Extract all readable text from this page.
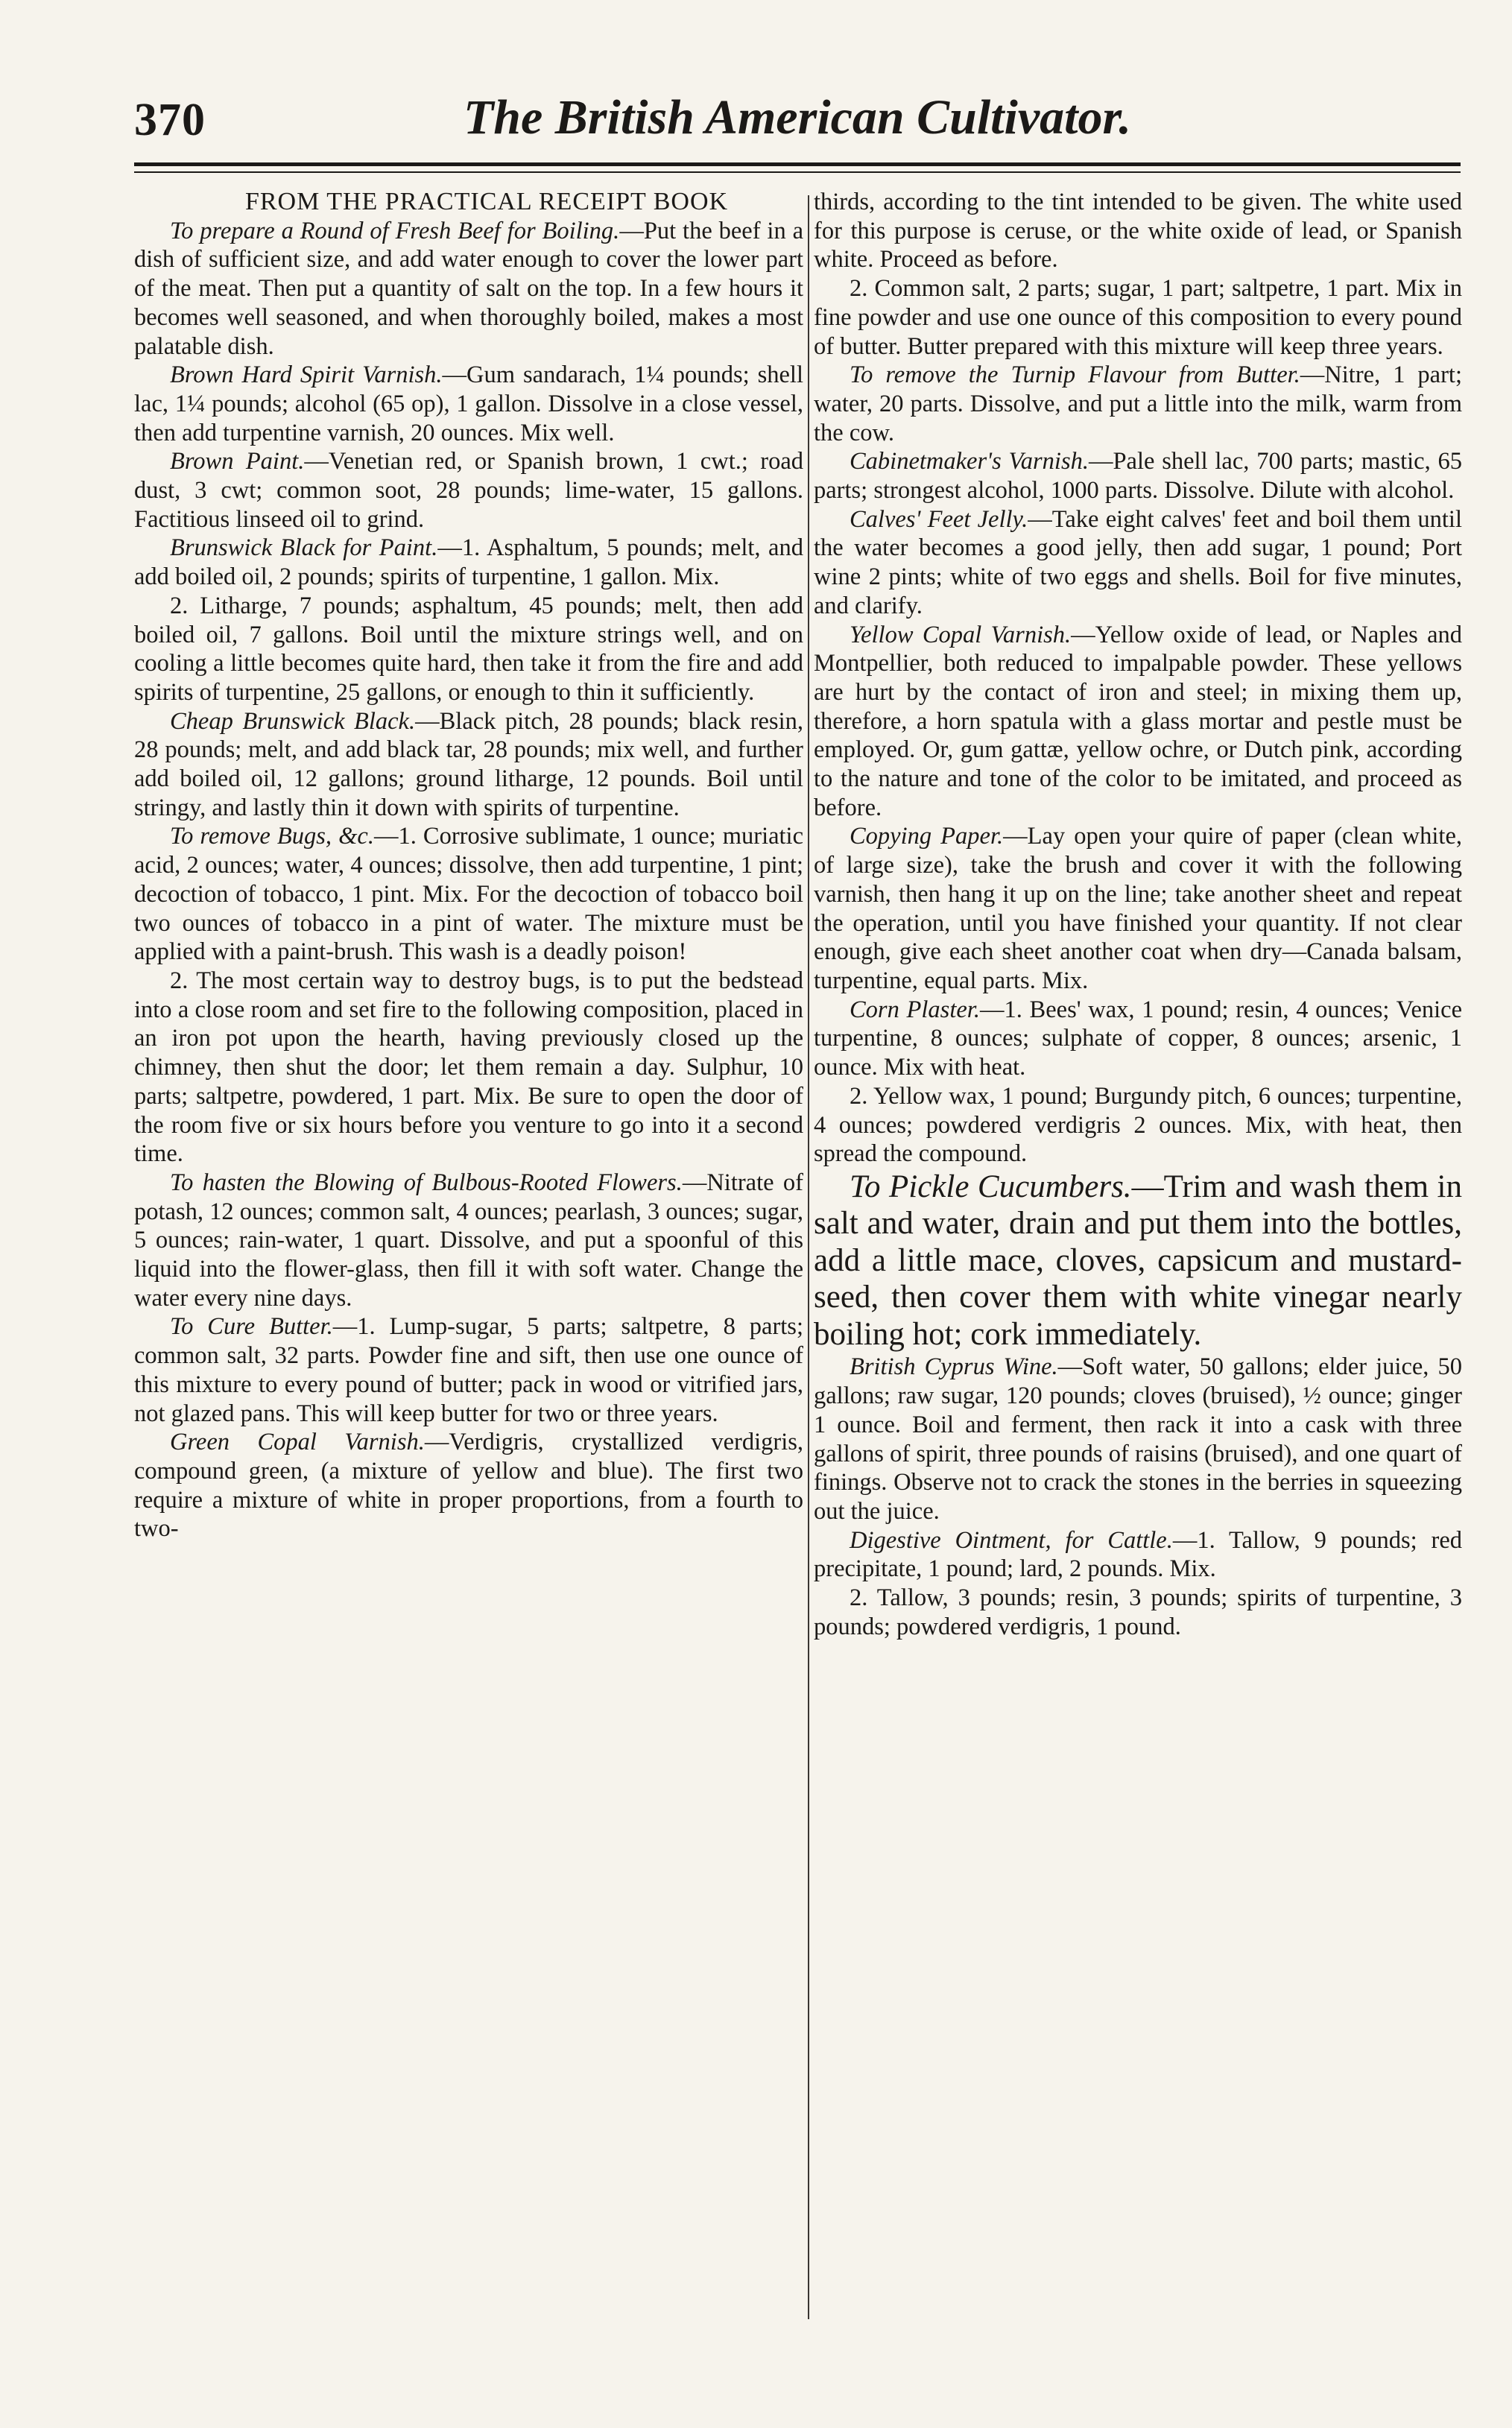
370	The British American Cultivator.

FROM THE PRACTICAL RECEIPT BOOK

To prepare a Round of Fresh Beef for Boiling.—Put the beef in a dish of sufficient size, and add water enough to cover the lower part of the meat. Then put a quantity of salt on the top. In a few hours it becomes well seasoned, and when thoroughly boiled, makes a most palatable dish.

Brown Hard Spirit Varnish.—Gum sandarach, 1¼ pounds; shell lac, 1¼ pounds; alcohol (65 op), 1 gallon. Dissolve in a close vessel, then add turpentine varnish, 20 ounces. Mix well.

Brown Paint.—Venetian red, or Spanish brown, 1 cwt.; road dust, 3 cwt; common soot, 28 pounds; lime-water, 15 gallons. Factitious linseed oil to grind.

Brunswick Black for Paint.—1. Asphaltum, 5 pounds; melt, and add boiled oil, 2 pounds; spirits of turpentine, 1 gallon. Mix.

2. Litharge, 7 pounds; asphaltum, 45 pounds; melt, then add boiled oil, 7 gallons. Boil until the mixture strings well, and on cooling a little becomes quite hard, then take it from the fire and add spirits of turpentine, 25 gallons, or enough to thin it sufficiently.

Cheap Brunswick Black.—Black pitch, 28 pounds; black resin, 28 pounds; melt, and add black tar, 28 pounds; mix well, and further add boiled oil, 12 gallons; ground litharge, 12 pounds. Boil until stringy, and lastly thin it down with spirits of turpentine.

To remove Bugs, &c.—1. Corrosive sublimate, 1 ounce; muriatic acid, 2 ounces; water, 4 ounces; dissolve, then add turpentine, 1 pint; decoction of tobacco, 1 pint. Mix. For the decoction of tobacco boil two ounces of tobacco in a pint of water. The mixture must be applied with a paint-brush. This wash is a deadly poison!

2. The most certain way to destroy bugs, is to put the bedstead into a close room and set fire to the following composition, placed in an iron pot upon the hearth, having previously closed up the chimney, then shut the door; let them remain a day. Sulphur, 10 parts; saltpetre, powdered, 1 part. Mix. Be sure to open the door of the room five or six hours before you venture to go into it a second time.

To hasten the Blowing of Bulbous-Rooted Flowers.—Nitrate of potash, 12 ounces; common salt, 4 ounces; pearlash, 3 ounces; sugar, 5 ounces; rain-water, 1 quart. Dissolve, and put a spoonful of this liquid into the flower-glass, then fill it with soft water. Change the water every nine days.

To Cure Butter.—1. Lump-sugar, 5 parts; saltpetre, 8 parts; common salt, 32 parts. Powder fine and sift, then use one ounce of this mixture to every pound of butter; pack in wood or vitrified jars, not glazed pans. This will keep butter for two or three years.

Green Copal Varnish.—Verdigris, crystallized verdigris, compound green, (a mixture of yellow and blue). The first two require a mixture of white in proper proportions, from a fourth to two-

thirds, according to the tint intended to be given. The white used for this purpose is ceruse, or the white oxide of lead, or Spanish white. Proceed as before.

2. Common salt, 2 parts; sugar, 1 part; saltpetre, 1 part. Mix in fine powder and use one ounce of this composition to every pound of butter. Butter prepared with this mixture will keep three years.

To remove the Turnip Flavour from Butter.—Nitre, 1 part; water, 20 parts. Dissolve, and put a little into the milk, warm from the cow.

Cabinetmaker's Varnish.—Pale shell lac, 700 parts; mastic, 65 parts; strongest alcohol, 1000 parts. Dissolve. Dilute with alcohol.

Calves' Feet Jelly.—Take eight calves' feet and boil them until the water becomes a good jelly, then add sugar, 1 pound; Port wine 2 pints; white of two eggs and shells. Boil for five minutes, and clarify.

Yellow Copal Varnish.—Yellow oxide of lead, or Naples and Montpellier, both reduced to impalpable powder. These yellows are hurt by the contact of iron and steel; in mixing them up, therefore, a horn spatula with a glass mortar and pestle must be employed. Or, gum gattæ, yellow ochre, or Dutch pink, according to the nature and tone of the color to be imitated, and proceed as before.

Copying Paper.—Lay open your quire of paper (clean white, of large size), take the brush and cover it with the following varnish, then hang it up on the line; take another sheet and repeat the operation, until you have finished your quantity. If not clear enough, give each sheet another coat when dry—Canada balsam, turpentine, equal parts. Mix.

Corn Plaster.—1. Bees' wax, 1 pound; resin, 4 ounces; Venice turpentine, 8 ounces; sulphate of copper, 8 ounces; arsenic, 1 ounce. Mix with heat.

2. Yellow wax, 1 pound; Burgundy pitch, 6 ounces; turpentine, 4 ounces; powdered verdigris 2 ounces. Mix, with heat, then spread the compound.

To Pickle Cucumbers.—Trim and wash them in salt and water, drain and put them into the bottles, add a little mace, cloves, capsicum and mustard-seed, then cover them with white vinegar nearly boiling hot; cork immediately.

British Cyprus Wine.—Soft water, 50 gallons; elder juice, 50 gallons; raw sugar, 120 pounds; cloves (bruised), ½ ounce; ginger 1 ounce. Boil and ferment, then rack it into a cask with three gallons of spirit, three pounds of raisins (bruised), and one quart of finings. Observe not to crack the stones in the berries in squeezing out the juice.

Digestive Ointment, for Cattle.—1. Tallow, 9 pounds; red precipitate, 1 pound; lard, 2 pounds. Mix.

2. Tallow, 3 pounds; resin, 3 pounds; spirits of turpentine, 3 pounds; powdered verdigris, 1 pound.
